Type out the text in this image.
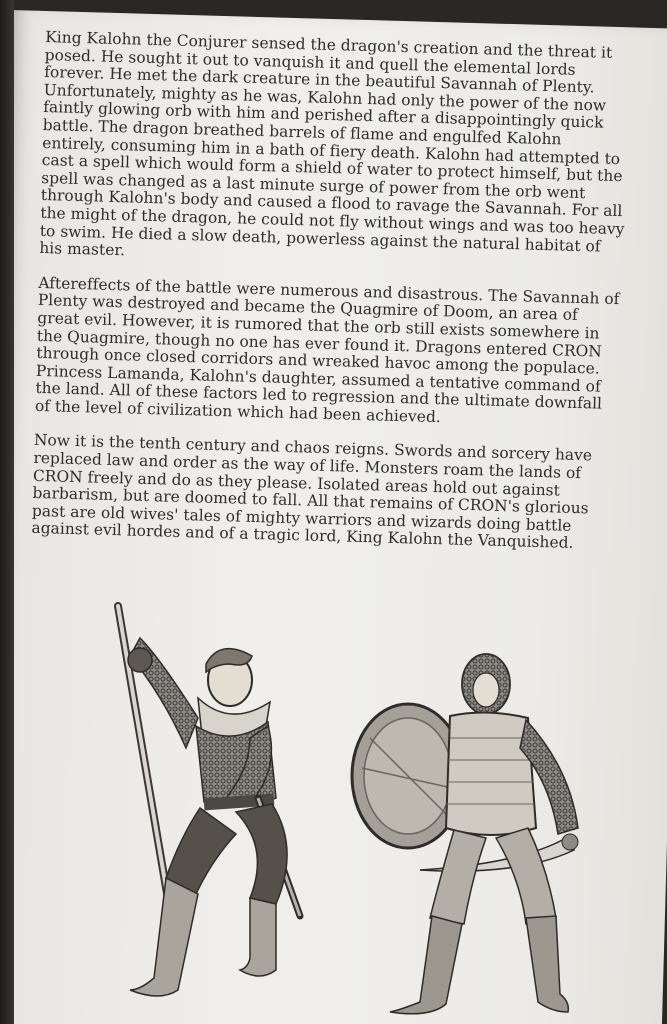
King Kalohn the Conjurer sensed the dragon's creation and the threat it posed. He sought it out to vanquish it and quell the elemental lords forever. He met the dark creature in the beautiful Savannah of Plenty. Unfortunately, mighty as he was, Kalohn had only the power of the now faintly glowing orb with him and perished after a disappointingly quick battle. The dragon breathed barrels of flame and engulfed Kalohn entirely, consuming him in a bath of fiery death. Kalohn had attempted to cast a spell which would form a shield of water to protect himself, but the spell was changed as a last minute surge of power from the orb went through Kalohn's body and caused a flood to ravage the Savannah. For all the might of the dragon, he could not fly without wings and was too heavy to swim. He died a slow death, powerless against the natural habitat of his master.

Aftereffects of the battle were numerous and disastrous. The Savannah of Plenty was destroyed and became the Quagmire of Doom, an area of great evil. However, it is rumored that the orb still exists somewhere in the Quagmire, though no one has ever found it. Dragons entered CRON through once closed corridors and wreaked havoc among the populace. Princess Lamanda, Kalohn's daughter, assumed a tentative command of the land. All of these factors led to regression and the ultimate downfall of the level of civilization which had been achieved.

Now it is the tenth century and chaos reigns. Swords and sorcery have replaced law and order as the way of life. Monsters roam the lands of CRON freely and do as they please. Isolated areas hold out against barbarism, but are doomed to fall. All that remains of CRON's glorious past are old wives' tales of mighty warriors and wizards doing battle against evil hordes and of a tragic lord, King Kalohn the Vanquished.
